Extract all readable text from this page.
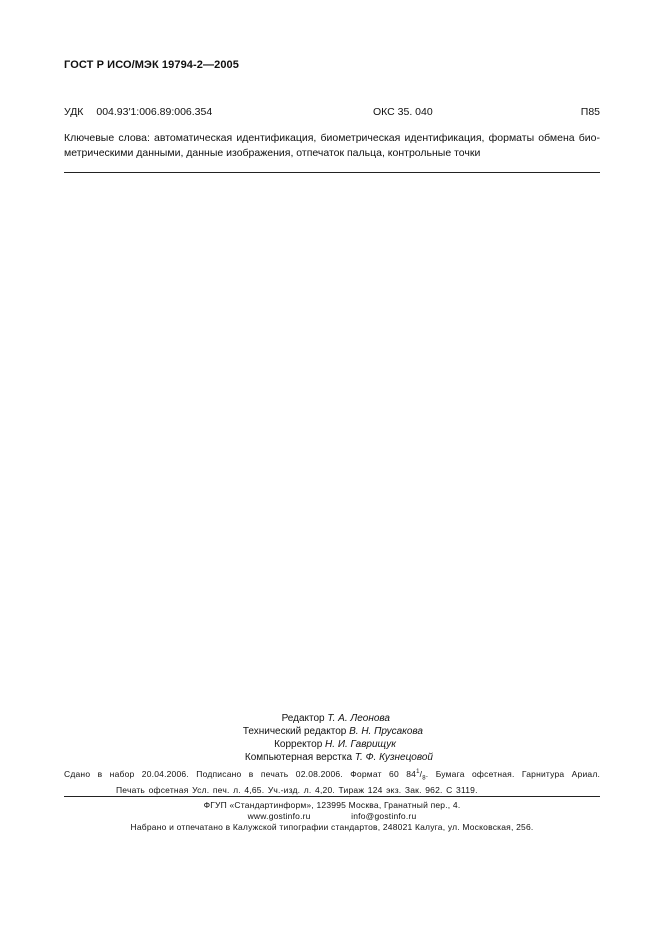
ГОСТ Р ИСО/МЭК 19794-2—2005
УДК 004.93′1:006.89:006.354	ОКС 35. 040	П85
Ключевые слова: автоматическая идентификация, биометрическая идентификация, форматы обмена био-метрическими данными, данные изображения, отпечаток пальца, контрольные точки
Редактор Т. А. Леонова
Технический редактор В. Н. Прусакова
Корректор Н. И. Гаврищук
Компьютерная верстка Т. Ф. Кузнецовой
Сдано в набор 20.04.2006. Подписано в печать 02.08.2006. Формат 60 $84^1/_8$. Бумага офсетная. Гарнитура Ариал.
Печать офсетная Усл. печ. л. 4,65. Уч.-изд. л. 4,20. Тираж 124 экз. Зак. 962. С 3119.
ФГУП «Стандартинформ», 123995 Москва, Гранатный пер., 4.
www.gostinfo.ru	info@gostinfo.ru
Набрано и отпечатано в Калужской типографии стандартов, 248021 Калуга, ул. Московская, 256.
